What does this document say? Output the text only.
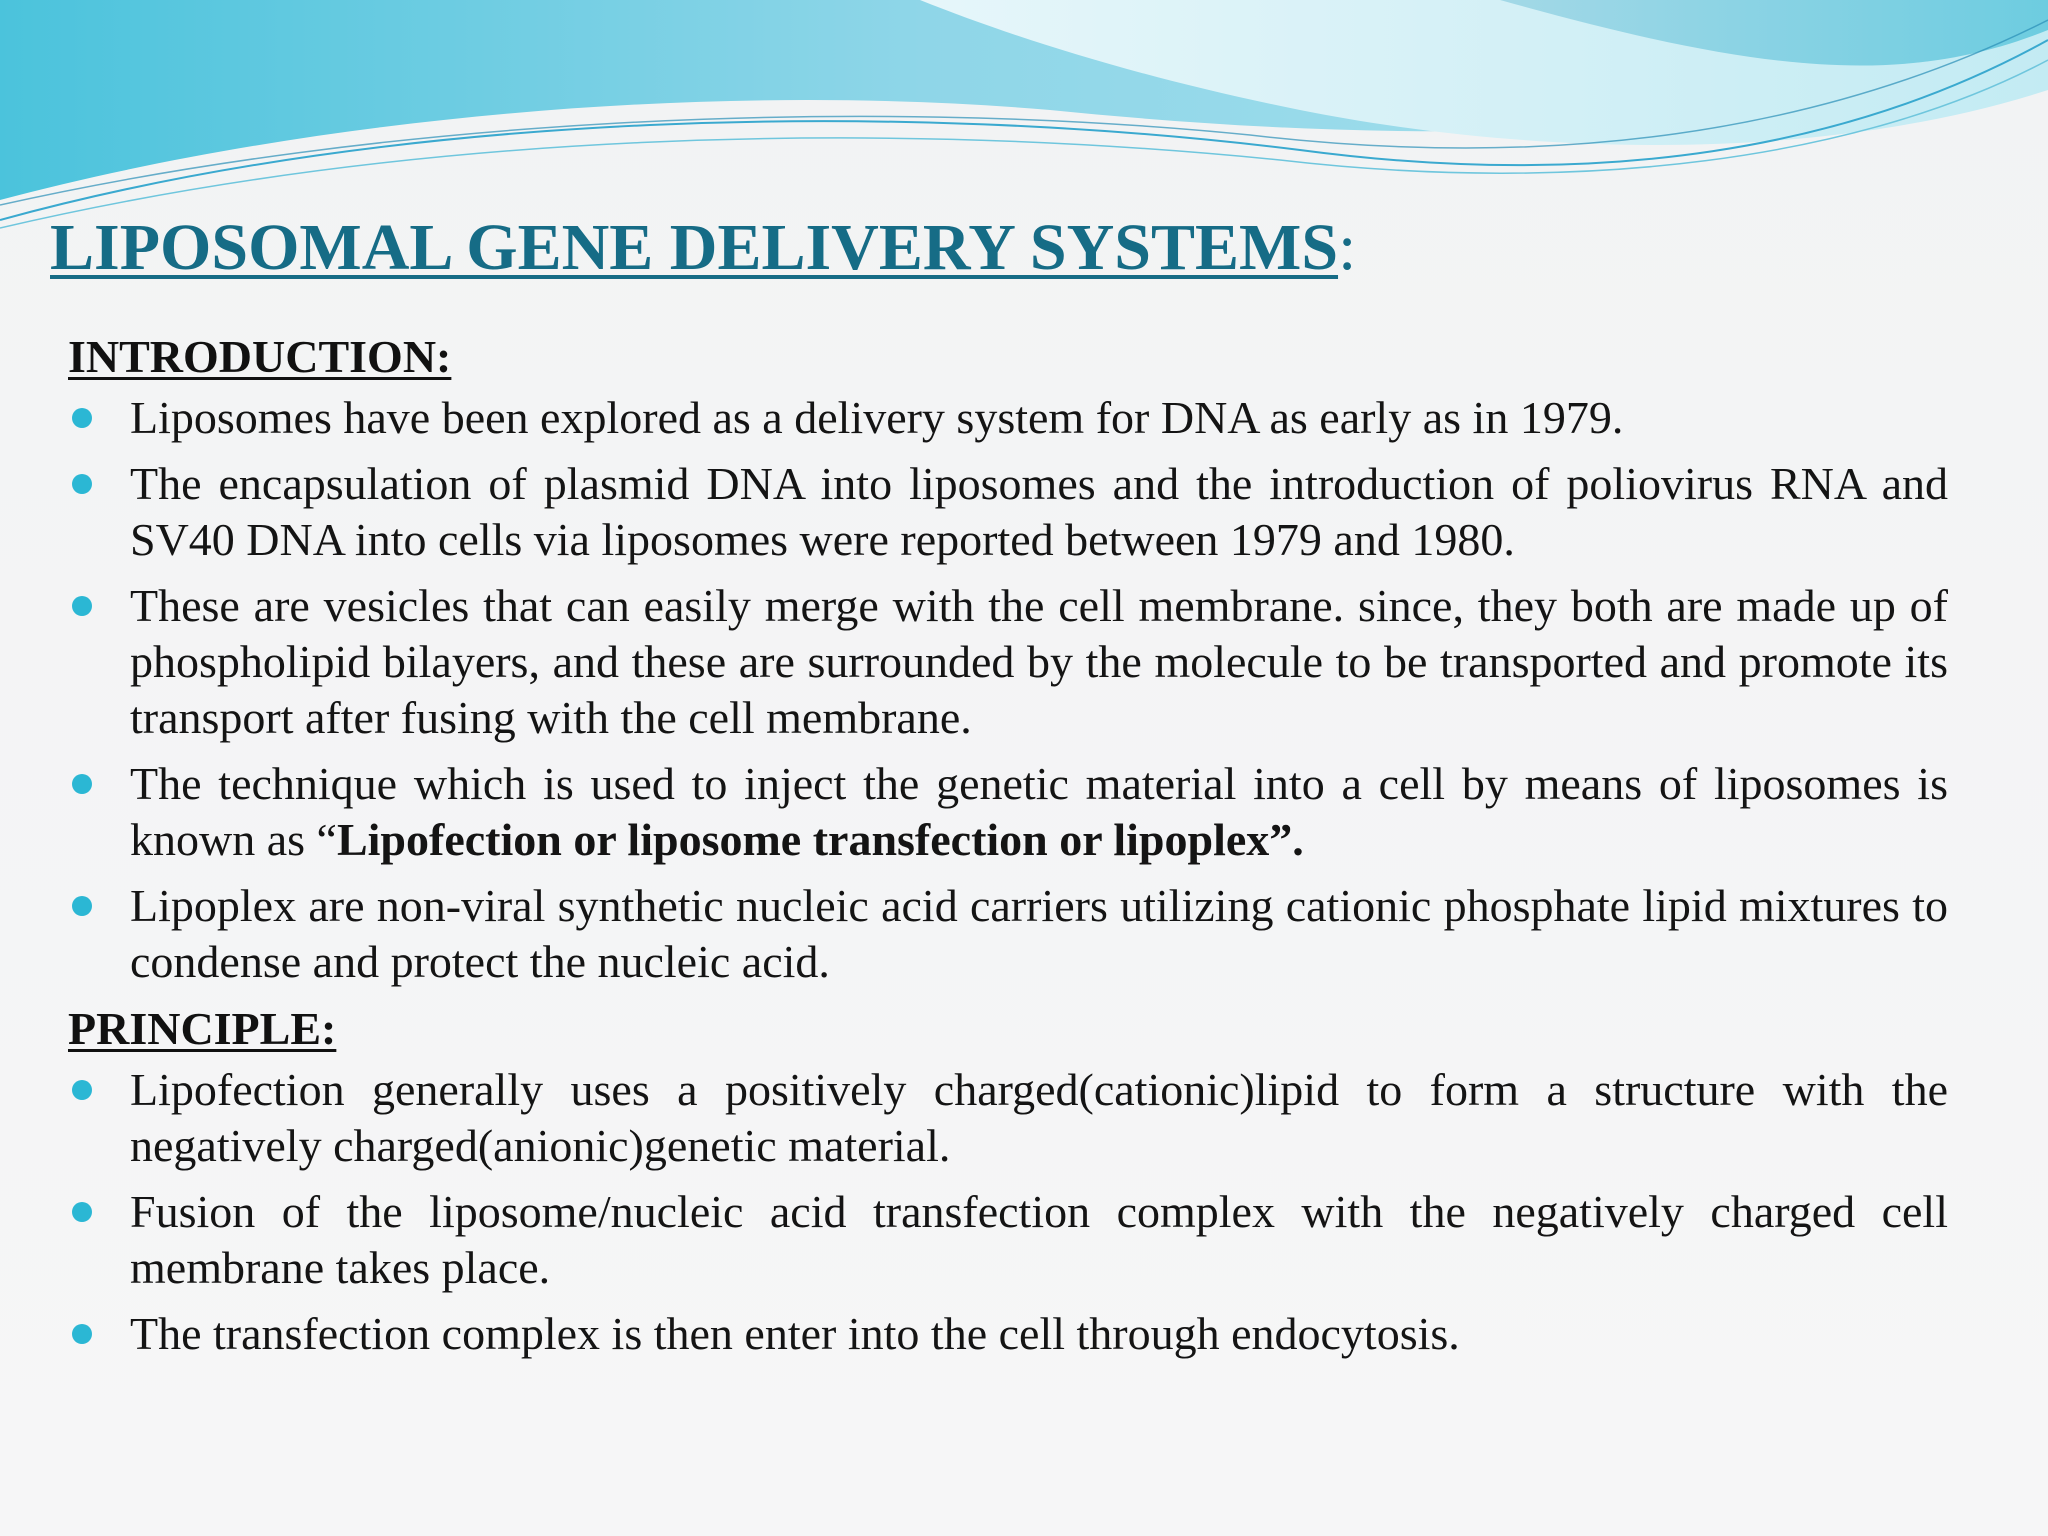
LIPOSOMAL GENE DELIVERY SYSTEMS:
INTRODUCTION:
Liposomes have been explored as a delivery system for DNA as early as in 1979.
The encapsulation of plasmid DNA into liposomes and the introduction of poliovirus RNA and SV40 DNA into cells via liposomes were reported between 1979 and 1980.
These are vesicles that can easily merge with the cell membrane. since, they both are made up of phospholipid bilayers, and these are surrounded by the molecule to be transported and promote its transport after fusing with the cell membrane.
The technique which is used to inject the genetic material into a cell by means of liposomes is known as “Lipofection or liposome transfection or lipoplex”.
Lipoplex are non-viral synthetic nucleic acid carriers utilizing cationic phosphate lipid mixtures to condense and protect the nucleic acid.
PRINCIPLE:
Lipofection generally uses a positively charged(cationic)lipid to form a structure with the negatively charged(anionic)genetic material.
Fusion of the liposome/nucleic acid transfection complex with the negatively charged cell membrane takes place.
The transfection complex is then enter into the cell through endocytosis.
